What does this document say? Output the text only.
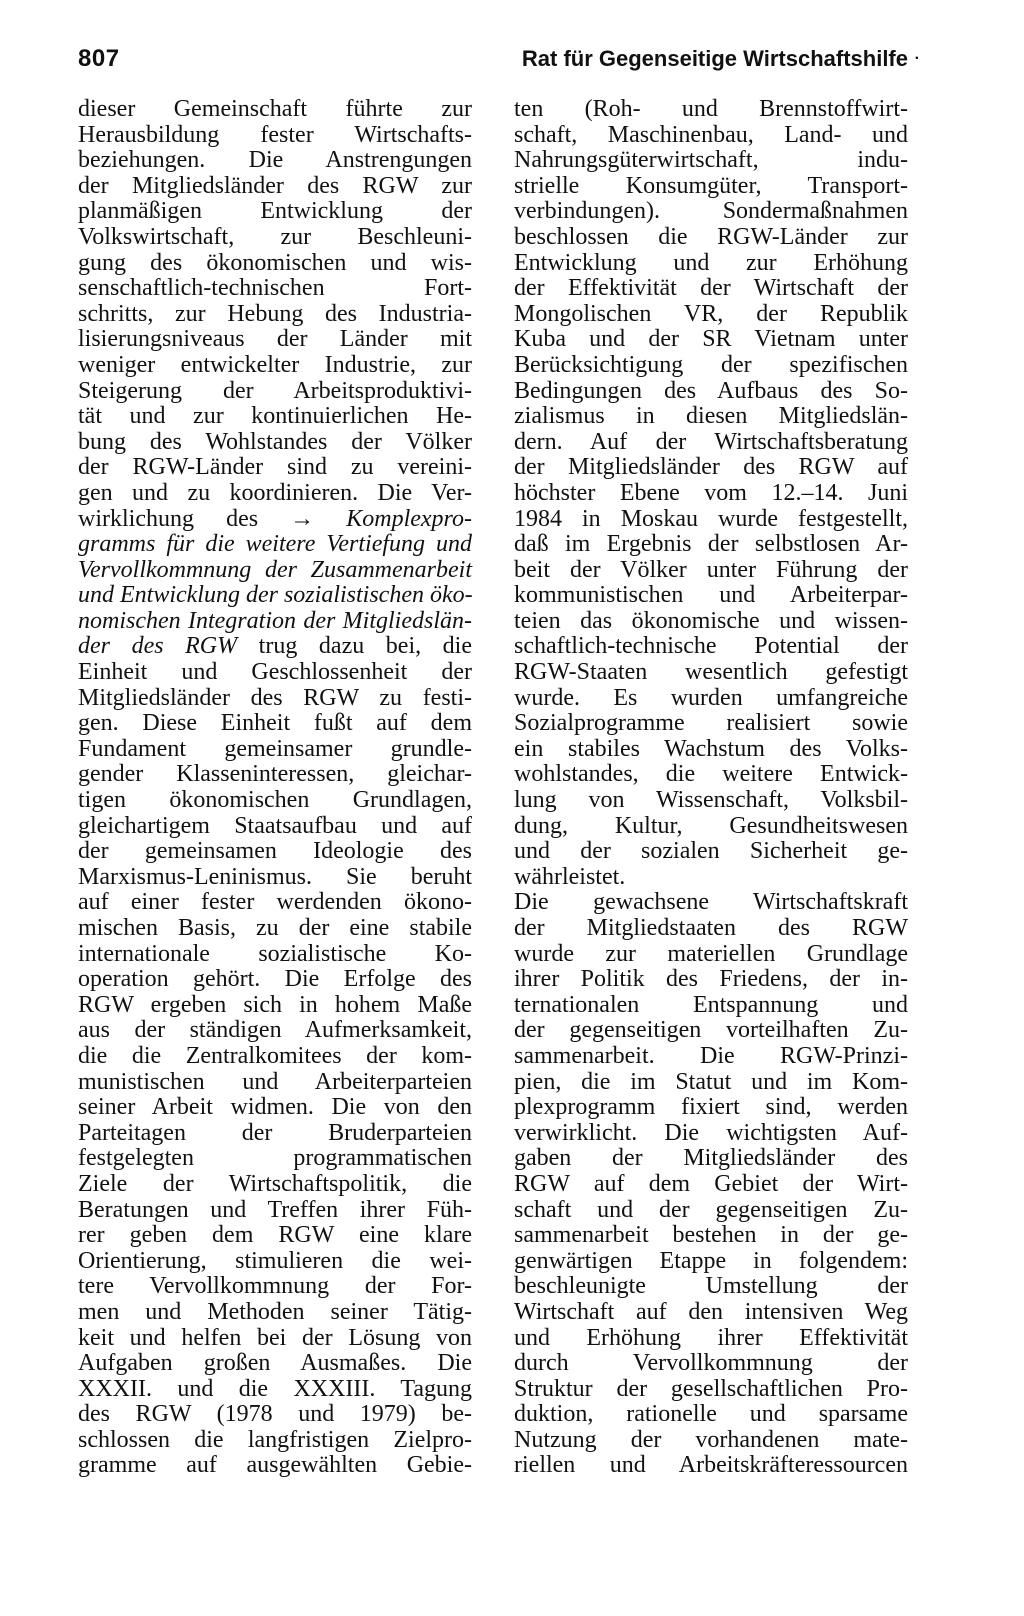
807	Rat für Gegenseitige Wirtschaftshilfe ·
dieser Gemeinschaft führte zur
Herausbildung fester Wirtschafts-
beziehungen. Die Anstrengungen
der Mitgliedsländer des RGW zur
planmäßigen Entwicklung der
Volkswirtschaft, zur Beschleuni-
gung des ökonomischen und wis-
senschaftlich-technischen Fort-
schritts, zur Hebung des Industria-
lisierungsniveaus der Länder mit
weniger entwickelter Industrie, zur
Steigerung der Arbeitsproduktivi-
tät und zur kontinuierlichen He-
bung des Wohlstandes der Völker
der RGW-Länder sind zu vereini-
gen und zu koordinieren. Die Ver-
wirklichung des → Komplexpro-
gramms für die weitere Vertiefung und
Vervollkommnung der Zusammenarbeit
und Entwicklung der sozialistischen öko-
nomischen Integration der Mitgliedslän-
der des RGW trug dazu bei, die
Einheit und Geschlossenheit der
Mitgliedsländer des RGW zu festi-
gen. Diese Einheit fußt auf dem
Fundament gemeinsamer grundle-
gender Klasseninteressen, gleichar-
tigen ökonomischen Grundlagen,
gleichartigem Staatsaufbau und auf
der gemeinsamen Ideologie des
Marxismus-Leninismus. Sie beruht
auf einer fester werdenden ökono-
mischen Basis, zu der eine stabile
internationale sozialistische Ko-
operation gehört. Die Erfolge des
RGW ergeben sich in hohem Maße
aus der ständigen Aufmerksamkeit,
die die Zentralkomitees der kom-
munistischen und Arbeiterparteien
seiner Arbeit widmen. Die von den
Parteitagen der Bruderparteien
festgelegten programmatischen
Ziele der Wirtschaftspolitik, die
Beratungen und Treffen ihrer Füh-
rer geben dem RGW eine klare
Orientierung, stimulieren die wei-
tere Vervollkommnung der For-
men und Methoden seiner Tätig-
keit und helfen bei der Lösung von
Aufgaben großen Ausmaßes. Die
XXXII. und die XXXIII. Tagung
des RGW (1978 und 1979) be-
schlossen die langfristigen Zielpro-
gramme auf ausgewählten Gebie-
ten (Roh- und Brennstoffwirt-
schaft, Maschinenbau, Land- und
Nahrungsgüterwirtschaft, indu-
strielle Konsumgüter, Transport-
verbindungen). Sondermaßnahmen
beschlossen die RGW-Länder zur
Entwicklung und zur Erhöhung
der Effektivität der Wirtschaft der
Mongolischen VR, der Republik
Kuba und der SR Vietnam unter
Berücksichtigung der spezifischen
Bedingungen des Aufbaus des So-
zialismus in diesen Mitgliedslän-
dern. Auf der Wirtschaftsberatung
der Mitgliedsländer des RGW auf
höchster Ebene vom 12.–14. Juni
1984 in Moskau wurde festgestellt,
daß im Ergebnis der selbstlosen Ar-
beit der Völker unter Führung der
kommunistischen und Arbeiterpar-
teien das ökonomische und wissen-
schaftlich-technische Potential der
RGW-Staaten wesentlich gefestigt
wurde. Es wurden umfangreiche
Sozialprogramme realisiert sowie
ein stabiles Wachstum des Volks-
wohlstandes, die weitere Entwick-
lung von Wissenschaft, Volksbil-
dung, Kultur, Gesundheitswesen
und der sozialen Sicherheit ge-
währleistet.
Die gewachsene Wirtschaftskraft
der Mitgliedstaaten des RGW
wurde zur materiellen Grundlage
ihrer Politik des Friedens, der in-
ternationalen Entspannung und
der gegenseitigen vorteilhaften Zu-
sammenarbeit. Die RGW-Prinzi-
pien, die im Statut und im Kom-
plexprogramm fixiert sind, werden
verwirklicht. Die wichtigsten Auf-
gaben der Mitgliedsländer des
RGW auf dem Gebiet der Wirt-
schaft und der gegenseitigen Zu-
sammenarbeit bestehen in der ge-
genwärtigen Etappe in folgendem:
beschleunigte Umstellung der
Wirtschaft auf den intensiven Weg
und Erhöhung ihrer Effektivität
durch Vervollkommnung der
Struktur der gesellschaftlichen Pro-
duktion, rationelle und sparsame
Nutzung der vorhandenen mate-
riellen und Arbeitskräfteressourcen
